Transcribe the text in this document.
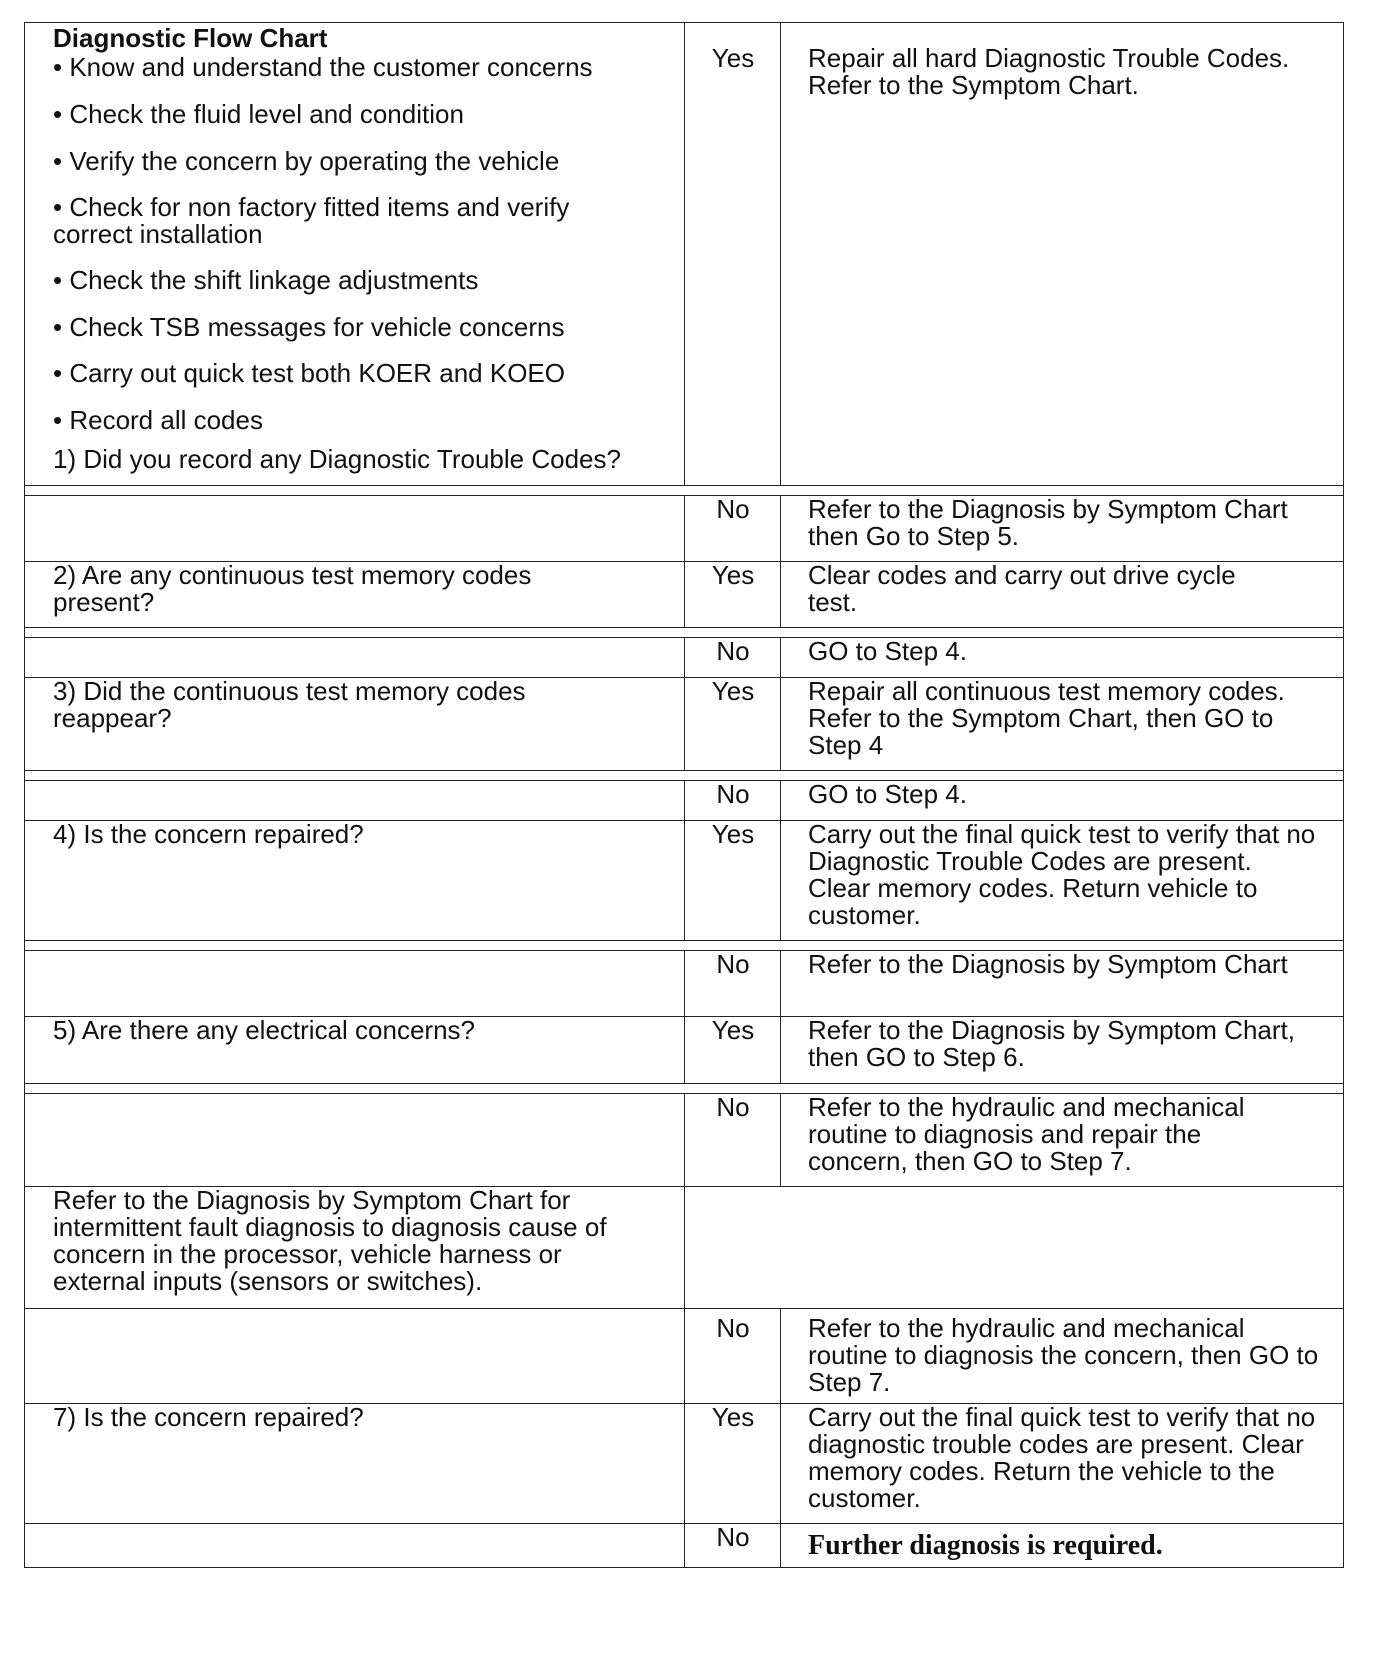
Diagnostic Flow Chart
• Know and understand the customer concerns
• Check the fluid level and condition
• Verify the concern by operating the vehicle
• Check for non factory fitted items and verify correct installation
• Check the shift linkage adjustments
• Check TSB messages for vehicle concerns
• Carry out quick test both KOER and KOEO
• Record all codes
1) Did you record any Diagnostic Trouble Codes?
Yes	Repair all hard Diagnostic Trouble Codes. Refer to the Symptom Chart.
No	Refer to the Diagnosis by Symptom Chart then Go to Step 5.
2) Are any continuous test memory codes present?
Yes	Clear codes and carry out drive cycle test.
No	GO to Step 4.
3) Did the continuous test memory codes reappear?
Yes	Repair all continuous test memory codes. Refer to the Symptom Chart, then GO to Step 4
No	GO to Step 4.
4) Is the concern repaired?	Yes	Carry out the final quick test to verify that no Diagnostic Trouble Codes are present. Clear memory codes. Return vehicle to customer.
No	Refer to the Diagnosis by Symptom Chart
5) Are there any electrical concerns?	Yes	Refer to the Diagnosis by Symptom Chart, then GO to Step 6.
No	Refer to the hydraulic and mechanical routine to diagnosis and repair the concern, then GO to Step 7.
Refer to the Diagnosis by Symptom Chart for intermittent fault diagnosis to diagnosis cause of concern in the processor, vehicle harness or external inputs (sensors or switches).
No	Refer to the hydraulic and mechanical routine to diagnosis the concern, then GO to Step 7.
7) Is the concern repaired?	Yes	Carry out the final quick test to verify that no diagnostic trouble codes are present. Clear memory codes. Return the vehicle to the customer.
No	Further diagnosis is required.
